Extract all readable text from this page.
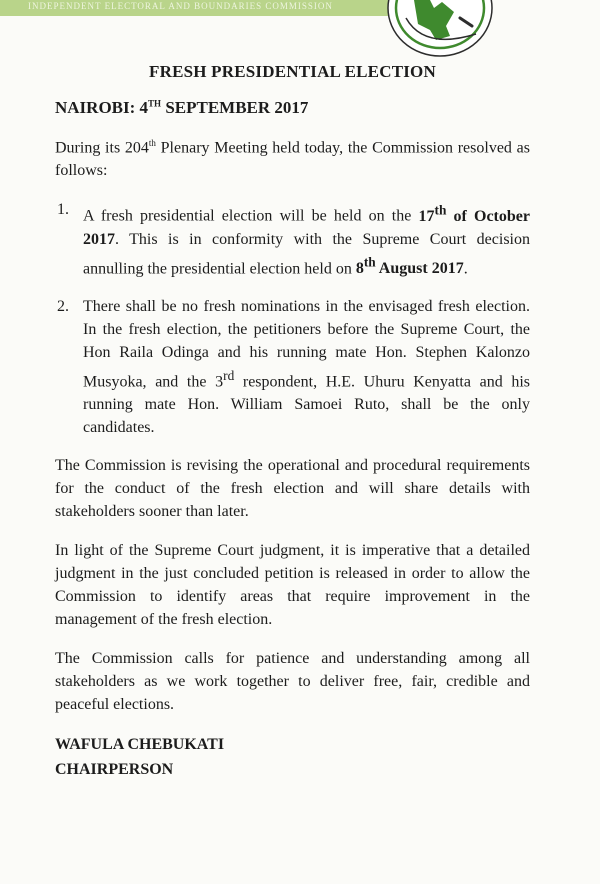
INDEPENDENT ELECTORAL AND BOUNDARIES COMMISSION

FRESH PRESIDENTIAL ELECTION

NAIROBI: 4TH SEPTEMBER 2017

During its 204th Plenary Meeting held today, the Commission resolved as follows:

1. A fresh presidential election will be held on the 17th of October 2017. This is in conformity with the Supreme Court decision annulling the presidential election held on 8th August 2017.
2. There shall be no fresh nominations in the envisaged fresh election. In the fresh election, the petitioners before the Supreme Court, the Hon Raila Odinga and his running mate Hon. Stephen Kalonzo Musyoka, and the 3rd respondent, H.E. Uhuru Kenyatta and his running mate Hon. William Samoei Ruto, shall be the only candidates.

The Commission is revising the operational and procedural requirements for the conduct of the fresh election and will share details with stakeholders sooner than later.

In light of the Supreme Court judgment, it is imperative that a detailed judgment in the just concluded petition is released in order to allow the Commission to identify areas that require improvement in the management of the fresh election.

The Commission calls for patience and understanding among all stakeholders as we work together to deliver free, fair, credible and peaceful elections.

WAFULA CHEBUKATI

CHAIRPERSON
